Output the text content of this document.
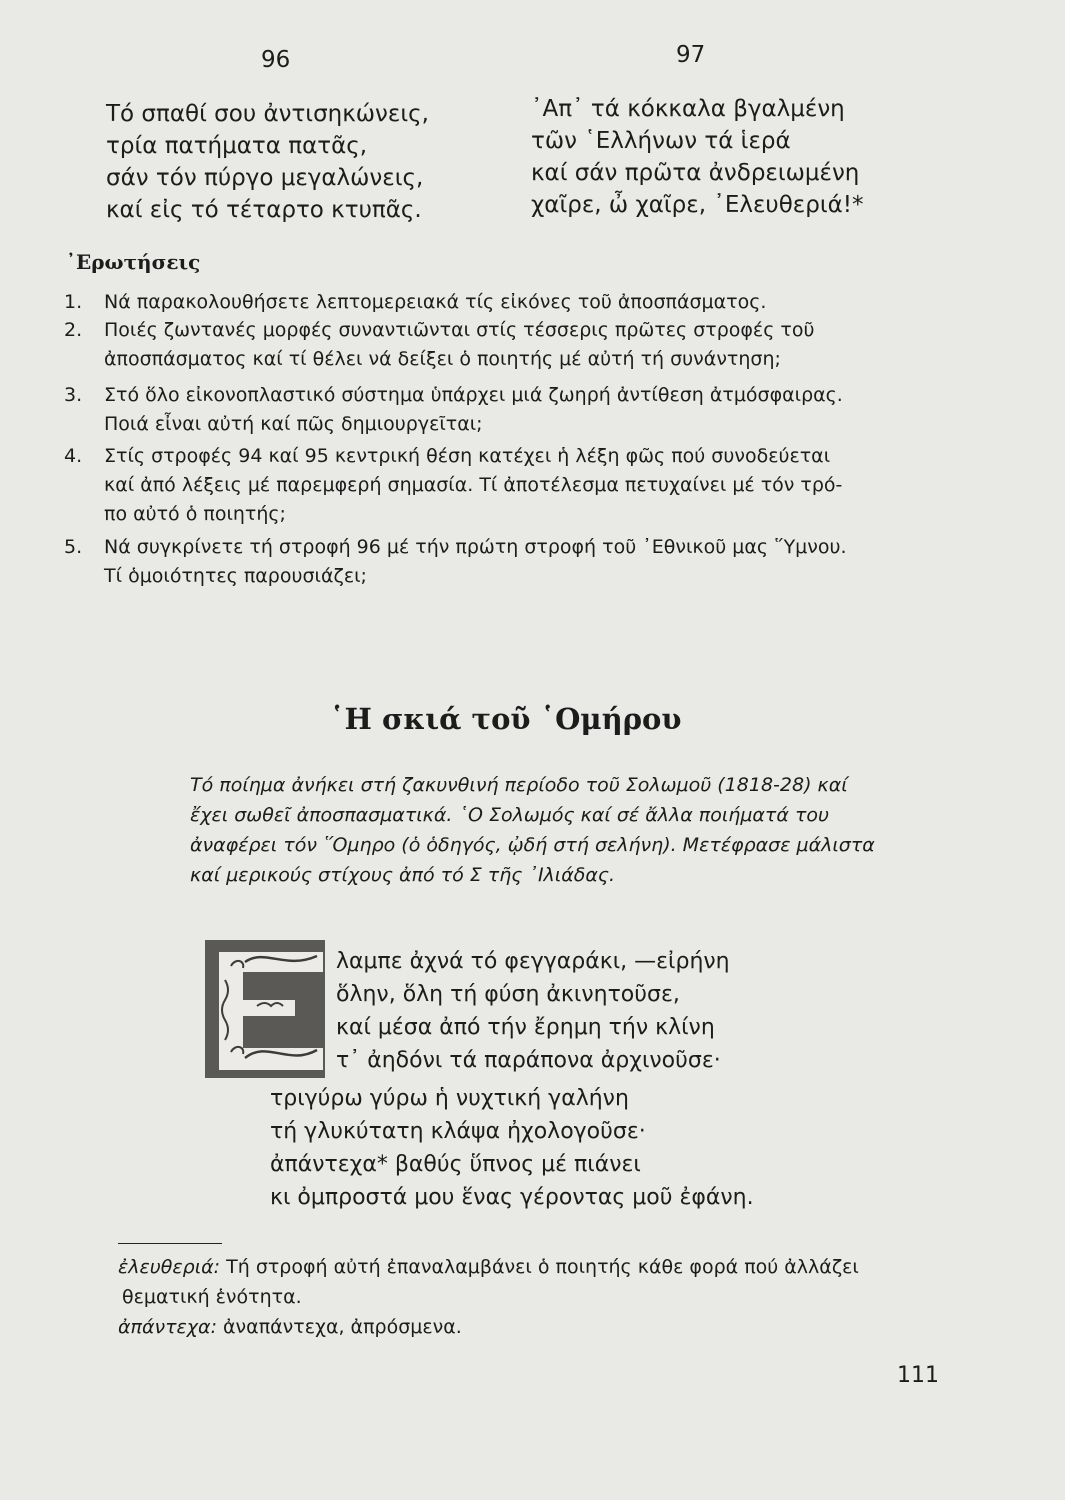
96	97
Τό σπαθί σου ἀντισηκώνεις,
τρία πατήματα πατᾶς,
σάν τόν πύργο μεγαλώνεις,
καί εἰς τό τέταρτο κτυπᾶς.
᾿Απ᾿ τά κόκκαλα βγαλμένη
τῶν ῾Ελλήνων τά ἱερά
καί σάν πρῶτα ἀνδρειωμένη
χαῖρε, ὦ χαῖρε, ᾿Ελευθεριά!*
᾿Ερωτήσεις
1. Νά παρακολουθήσετε λεπτομερειακά τίς εἰκόνες τοῦ ἀποσπάσματος.
2. Ποιές ζωντανές μορφές συναντιῶνται στίς τέσσερις πρῶτες στροφές τοῦ
ἀποσπάσματος καί τί θέλει νά δείξει ὁ ποιητής μέ αὐτή τή συνάντηση;
3. Στό ὅλο εἰκονοπλαστικό σύστημα ὑπάρχει μιά ζωηρή ἀντίθεση ἀτμόσφαιρας.
Ποιά εἶναι αὐτή καί πῶς δημιουργεῖται;
4. Στίς στροφές 94 καί 95 κεντρική θέση κατέχει ἡ λέξη φῶς πού συνοδεύεται
καί ἀπό λέξεις μέ παρεμφερή σημασία. Τί ἀποτέλεσμα πετυχαίνει μέ τόν τρό-
πο αὐτό ὁ ποιητής;
5. Νά συγκρίνετε τή στροφή 96 μέ τήν πρώτη στροφή τοῦ ᾿Εθνικοῦ μας ῞Υμνου.
Τί ὁμοιότητες παρουσιάζει;
῾Η σκιά τοῦ ῾Ομήρου
Τό ποίημα ἀνήκει στή ζακυνθινή περίοδο τοῦ Σολωμοῦ (1818-28) καί
ἔχει σωθεῖ ἀποσπασματικά. ῾Ο Σολωμός καί σέ ἄλλα ποιήματά του
ἀναφέρει τόν ῞Ομηρο (ὁ ὁδηγός, ᾠδή στή σελήνη). Μετέφρασε μάλιστα
καί μερικούς στίχους ἀπό τό Σ τῆς ᾿Ιλιάδας.
λαμπε ἀχνά τό φεγγαράκι, —εἰρήνη
ὅλην, ὅλη τή φύση ἀκινητοῦσε,
καί μέσα ἀπό τήν ἔρημη τήν κλίνη
τ᾿ ἀηδόνι τά παράπονα ἀρχινοῦσε·
τριγύρω γύρω ἡ νυχτική γαλήνη
τή γλυκύτατη κλάψα ἠχολογοῦσε·
ἀπάντεχα* βαθύς ὕπνος μέ πιάνει
κι ὀμπροστά μου ἕνας γέροντας μοῦ ἐφάνη.
ἐλευθεριά: Τή στροφή αὐτή ἐπαναλαμβάνει ὁ ποιητής κάθε φορά πού ἀλλάζει
θεματική ἑνότητα.
ἀπάντεχα: ἀναπάντεχα, ἀπρόσμενα.
111
